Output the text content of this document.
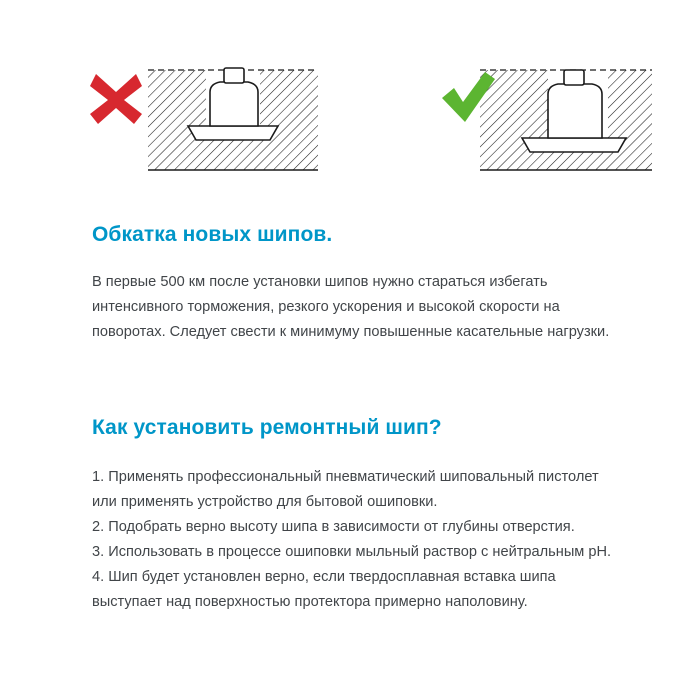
Обкатка новых шипов.

В первые 500 км после установки шипов нужно стараться избегать интенсивного торможения, резкого ускорения и высокой скорости на поворотах. Следует свести к минимуму повышенные касательные нагрузки.

Как установить ремонтный шип?
1. Применять профессиональный пневматический шиповальный пистолет или применять устройство для бытовой ошиповки.
2. Подобрать верно высоту шипа в зависимости от глубины отверстия.
3. Использовать в процессе ошиповки мыльный раствор с нейтральным pH.
4. Шип будет установлен верно, если твердосплавная вставка шипа выступает над поверхностью протектора примерно наполовину.
